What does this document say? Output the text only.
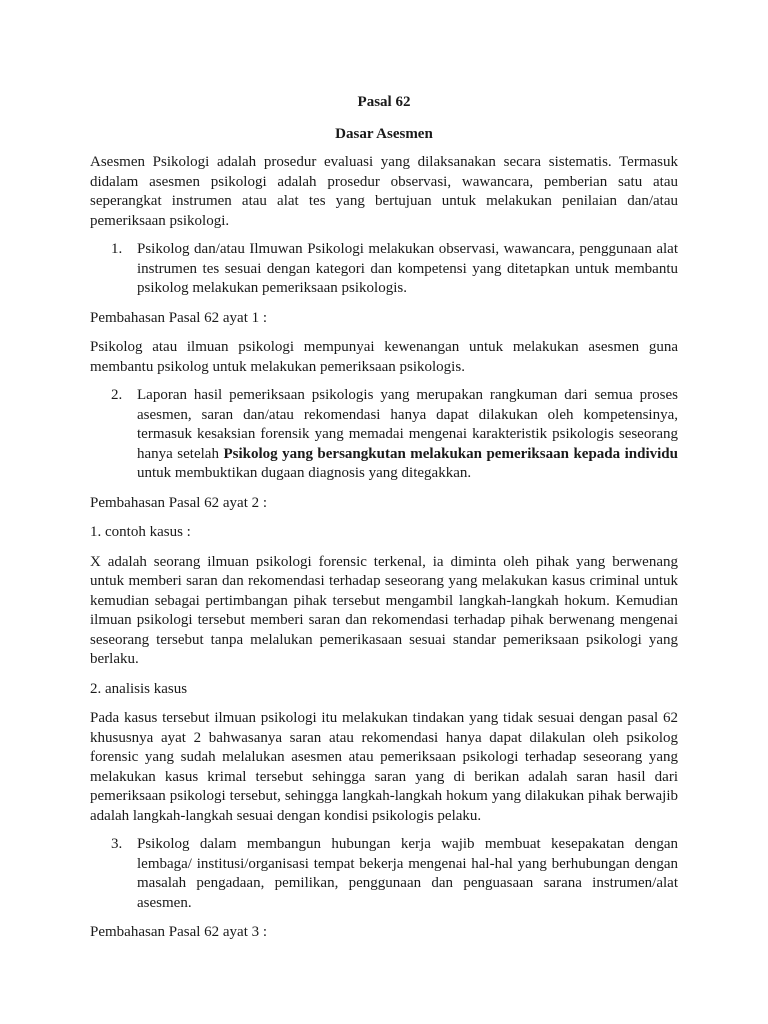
Pasal 62

Dasar Asesmen

Asesmen Psikologi adalah prosedur evaluasi yang dilaksanakan secara sistematis. Termasuk didalam asesmen psikologi adalah prosedur observasi, wawancara, pemberian satu atau seperangkat instrumen atau alat tes yang bertujuan untuk melakukan penilaian dan/atau pemeriksaan psikologi.

1. Psikolog dan/atau Ilmuwan Psikologi melakukan observasi, wawancara, penggunaan alat instrumen tes sesuai dengan kategori dan kompetensi yang ditetapkan untuk membantu psikolog melakukan pemeriksaan psikologis.

Pembahasan Pasal 62 ayat 1 :

Psikolog atau ilmuan psikologi mempunyai kewenangan untuk melakukan asesmen guna membantu psikolog untuk melakukan pemeriksaan psikologis.

2. Laporan hasil pemeriksaan psikologis yang merupakan rangkuman dari semua proses asesmen, saran dan/atau rekomendasi hanya dapat dilakukan oleh kompetensinya, termasuk kesaksian forensik yang memadai mengenai karakteristik psikologis seseorang hanya setelah Psikolog yang bersangkutan melakukan pemeriksaan kepada individu untuk membuktikan dugaan diagnosis yang ditegakkan.

Pembahasan Pasal 62 ayat 2 :

1. contoh kasus :

X adalah seorang ilmuan psikologi forensic terkenal, ia diminta oleh pihak yang berwenang untuk memberi saran dan rekomendasi terhadap seseorang yang melakukan kasus criminal untuk kemudian sebagai pertimbangan pihak tersebut mengambil langkah-langkah hokum. Kemudian ilmuan psikologi tersebut memberi saran dan rekomendasi terhadap pihak berwenang mengenai seseorang tersebut tanpa melalukan pemerikasaan sesuai standar pemeriksaan psikologi yang berlaku.

2. analisis kasus

Pada kasus tersebut ilmuan psikologi itu melakukan tindakan yang tidak sesuai dengan pasal 62 khususnya ayat 2 bahwasanya saran atau rekomendasi hanya dapat dilakulan oleh psikolog forensic yang sudah melalukan asesmen atau pemeriksaan psikologi terhadap seseorang yang melakukan kasus krimal tersebut sehingga saran yang di berikan adalah saran hasil dari pemeriksaan psikologi tersebut, sehingga langkah-langkah hokum yang dilakukan pihak berwajib adalah langkah-langkah sesuai dengan kondisi psikologis pelaku.

3. Psikolog dalam membangun hubungan kerja wajib membuat kesepakatan dengan lembaga/ institusi/organisasi tempat bekerja mengenai hal-hal yang berhubungan dengan masalah pengadaan, pemilikan, penggunaan dan penguasaan sarana instrumen/alat asesmen.

Pembahasan Pasal 62 ayat 3 :
